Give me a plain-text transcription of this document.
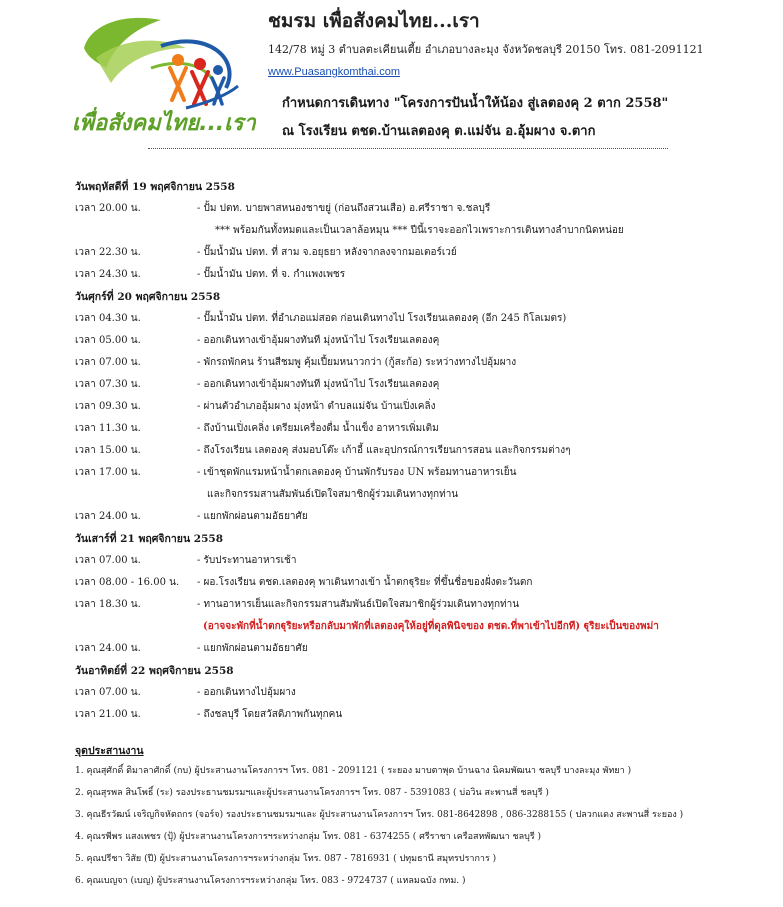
เพื่อสังคมไทย...เรา
ชมรม เพื่อสังคมไทย...เรา
142/78 หมู่ 3 ตำบลตะเคียนเตี้ย อำเภอบางละมุง จังหวัดชลบุรี 20150 โทร. 081-2091121
www.Puasangkomthai.com
กำหนดการเดินทาง "โครงการปันน้ำให้น้อง สู่เลตองคุ 2 ตาก 2558"
ณ โรงเรียน ตชด.บ้านเลตองคุ ต.แม่จัน อ.อุ้มผาง จ.ตาก
วันพฤหัสดีที่ 19 พฤศจิกายน 2558
เวลา 20.00 น.	- ปั้ม ปตท. บายพาสหนองชาขยู่ (ก่อนถึงสวนเสือ) อ.ศรีราชา จ.ชลบุรี
*** พร้อมกันทั้งหมดและเป็นเวลาล้อหมุน *** ปีนี้เราจะออกไวเพราะการเดินทางลำบากนิดหน่อย
เวลา 22.30 น.	- ปั๊มน้ำมัน ปตท. ที่ สาม จ.อยุธยา หลังจากลงจากมอเตอร์เวย์
เวลา 24.30 น.	- ปั๊มน้ำมัน ปตท. ที่ จ. กำแพงเพชร
วันศุกร์ที่ 20 พฤศจิกายน 2558
เวลา 04.30 น.	- ปั๊มน้ำมัน ปตท. ที่อำเภอแม่สอด ก่อนเดินทางไป โรงเรียนเลตองคุ (อีก 245 กิโลเมตร)
เวลา 05.00 น.	- ออกเดินทางเข้าอุ้มผางทันที มุ่งหน้าไป โรงเรียนเลตองคุ
เวลา 07.00 น.	- พักรถพักคน ร้านสีชมพู คุ้มเปี้ยมหนาวกว่า (กู้สะก้อ) ระหว่างทางไปอุ้มผาง
เวลา 07.30 น.	- ออกเดินทางเข้าอุ้มผางทันที มุ่งหน้าไป โรงเรียนเลตองคุ
เวลา 09.30 น.	- ผ่านตัวอำเภออุ้มผาง มุ่งหน้า ตำบลแม่จัน บ้านเปิ่งเคลิ่ง
เวลา 11.30 น.	- ถึงบ้านเปิ่งเคลิ่ง เตรียมเครื่องดื่ม น้ำแข็ง อาหารเพิ่มเติม
เวลา 15.00 น.	- ถึงโรงเรียน เลตองคุ ส่งมอบโต๊ะ เก้าอี้ และอุปกรณ์การเรียนการสอน และกิจกรรมต่างๆ
เวลา 17.00 น.	- เข้าชุดพักแรมหน้าน้ำตกเลตองคุ บ้านพักรับรอง UN พร้อมทานอาหารเย็น
และกิจกรรมสานสัมพันธ์เปิดใจสมาชิกผู้ร่วมเดินทางทุกท่าน
เวลา 24.00 น.	- แยกพักผ่อนตามอัธยาศัย
วันเสาร์ที่ 21 พฤศจิกายน 2558
เวลา 07.00 น.	- รับประทานอาหารเช้า
เวลา 08.00 - 16.00 น.	- ผอ.โรงเรียน ตชด.เลตองคุ พาเดินทางเข้า น้ำตกฐุริยะ ที่ขึ้นชื่อของฝั่งตะวันตก
เวลา 18.30 น.	- ทานอาหารเย็นและกิจกรรมสานสัมพันธ์เปิดใจสมาชิกผู้ร่วมเดินทางทุกท่าน
(อาจจะพักที่น้ำตกฐุริยะหรือกลับมาพักที่เลตองคุให้อยู่ที่ดุลพินิจของ ตชด.ที่พาเข้าไปอีกที) ฐุริยะเป็นของพม่า
เวลา 24.00 น.	- แยกพักผ่อนตามอัธยาศัย
วันอาทิตย์ที่ 22 พฤศจิกายน 2558
เวลา 07.00 น.	- ออกเดินทางไปอุ้มผาง
เวลา 21.00 น.	- ถึงชลบุรี โดยสวัสดิภาพกันทุกคน
จุดประสานงาน
1. คุณสุศักดิ์ ติมาลาศักดิ์ (กบ) ผู้ประสานงานโครงการฯ โทร. 081 - 2091121 ( ระยอง มาบตาพุด บ้านฉาง นิคมพัฒนา ชลบุรี บางละมุง พัทยา )
2. คุณสุรพล สินโพธิ์ (ระ) รองประธานชมรมฯและผู้ประสานงานโครงการฯ โทร. 087 - 5391083 ( บ่อวิน สะพานสี่ ชลบุรี )
3. คุณธีรวัฒน์ เจริญกิจหัตถกร (จอร์จ) รองประธานชมรมฯและ ผู้ประสานงานโครงการฯ โทร. 081-8642898 , 086-3288155 ( ปลวกแดง สะพานสี่ ระยอง )
4. คุณรพีพร แสงเพชร (ปุ้) ผู้ประสานงานโครงการฯระหว่างกลุ่ม โทร. 081 - 6374255 ( ศรีราชา เครือสหพัฒนา ชลบุรี )
5. คุณปรีชา วิสัย (ปี) ผู้ประสานงานโครงการฯระหว่างกลุ่ม โทร. 087 - 7816931 ( ปทุมธานี สมุทรปราการ )
6. คุณเบญจา (เบญ) ผู้ประสานงานโครงการฯระหว่างกลุ่ม โทร. 083 - 9724737 ( แหลมฉบัง กทม. )
